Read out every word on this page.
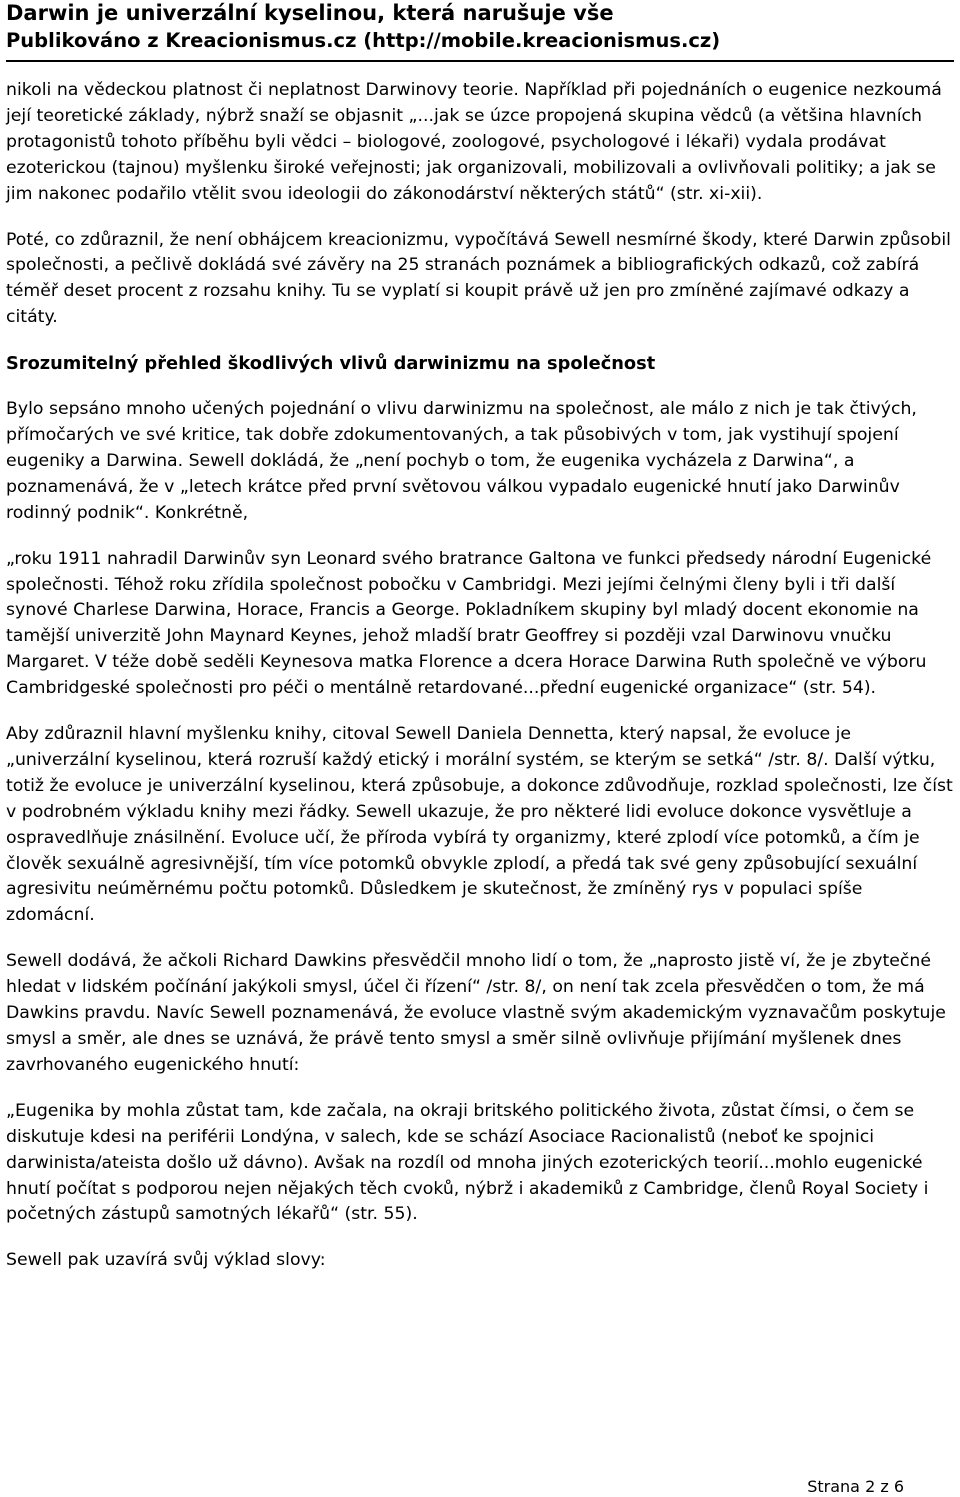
Darwin je univerzální kyselinou, která narušuje vše
Publikováno z Kreacionismus.cz (http://mobile.kreacionismus.cz)

nikoli na vědeckou platnost či neplatnost Darwinovy teorie. Například při pojednáních o eugenice nezkoumá její teoretické základy, nýbrž snaží se objasnit „...jak se úzce propojená skupina vědců (a většina hlavních protagonistů tohoto příběhu byli vědci – biologové, zoologové, psychologové i lékaři) vydala prodávat ezoterickou (tajnou) myšlenku široké veřejnosti; jak organizovali, mobilizovali a ovlivňovali politiky; a jak se jim nakonec podařilo vtělit svou ideologii do zákonodárství některých států“ (str. xi-xii).

Poté, co zdůraznil, že není obhájcem kreacionizmu, vypočítává Sewell nesmírné škody, které Darwin způsobil společnosti, a pečlivě dokládá své závěry na 25 stranách poznámek a bibliografických odkazů, což zabírá téměř deset procent z rozsahu knihy. Tu se vyplatí si koupit právě už jen pro zmíněné zajímavé odkazy a citáty.

Srozumitelný přehled škodlivých vlivů darwinizmu na společnost

Bylo sepsáno mnoho učených pojednání o vlivu darwinizmu na společnost, ale málo z nich je tak čtivých, přímočarých ve své kritice, tak dobře zdokumentovaných, a tak působivých v tom, jak vystihují spojení eugeniky a Darwina. Sewell dokládá, že „není pochyb o tom, že eugenika vycházela z Darwina“, a poznamenává, že v „letech krátce před první světovou válkou vypadalo eugenické hnutí jako Darwinův rodinný podnik“. Konkrétně,

„roku 1911 nahradil Darwinův syn Leonard svého bratrance Galtona ve funkci předsedy národní Eugenické společnosti. Téhož roku zřídila společnost pobočku v Cambridgi. Mezi jejími čelnými členy byli i tři další synové Charlese Darwina, Horace, Francis a George. Pokladníkem skupiny byl mladý docent ekonomie na tamější univerzitě John Maynard Keynes, jehož mladší bratr Geoffrey si později vzal Darwinovu vnučku Margaret. V téže době seděli Keynesova matka Florence a dcera Horace Darwina Ruth společně ve výboru Cambridgeské společnosti pro péči o mentálně retardované...přední eugenické organizace“ (str. 54).

Aby zdůraznil hlavní myšlenku knihy, citoval Sewell Daniela Dennetta, který napsal, že evoluce je „univerzální kyselinou, která rozruší každý etický i morální systém, se kterým se setká“ /str. 8/. Další výtku, totiž že evoluce je univerzální kyselinou, která způsobuje, a dokonce zdůvodňuje, rozklad společnosti, lze číst v podrobném výkladu knihy mezi řádky. Sewell ukazuje, že pro některé lidi evoluce dokonce vysvětluje a ospravedlňuje znásilnění. Evoluce učí, že příroda vybírá ty organizmy, které zplodí více potomků, a čím je člověk sexuálně agresivnější, tím více potomků obvykle zplodí, a předá tak své geny způsobující sexuální agresivitu neúměrnému počtu potomků. Důsledkem je skutečnost, že zmíněný rys v populaci spíše zdomácní.

Sewell dodává, že ačkoli Richard Dawkins přesvědčil mnoho lidí o tom, že „naprosto jistě ví, že je zbytečné hledat v lidském počínání jakýkoli smysl, účel či řízení“ /str. 8/, on není tak zcela přesvědčen o tom, že má Dawkins pravdu. Navíc Sewell poznamenává, že evoluce vlastně svým akademickým vyznavačům poskytuje smysl a směr, ale dnes se uznává, že právě tento smysl a směr silně ovlivňuje přijímání myšlenek dnes zavrhovaného eugenického hnutí:

„Eugenika by mohla zůstat tam, kde začala, na okraji britského politického života, zůstat čímsi, o čem se diskutuje kdesi na periférii Londýna, v salech, kde se schází Asociace Racionalistů (neboť ke spojnici darwinista/ateista došlo už dávno). Avšak na rozdíl od mnoha jiných ezoterických teorií...mohlo eugenické hnutí počítat s podporou nejen nějakých těch cvoků, nýbrž i akademiků z Cambridge, členů Royal Society i početných zástupů samotných lékařů“ (str. 55).

Sewell pak uzavírá svůj výklad slovy:

Strana 2 z 6
